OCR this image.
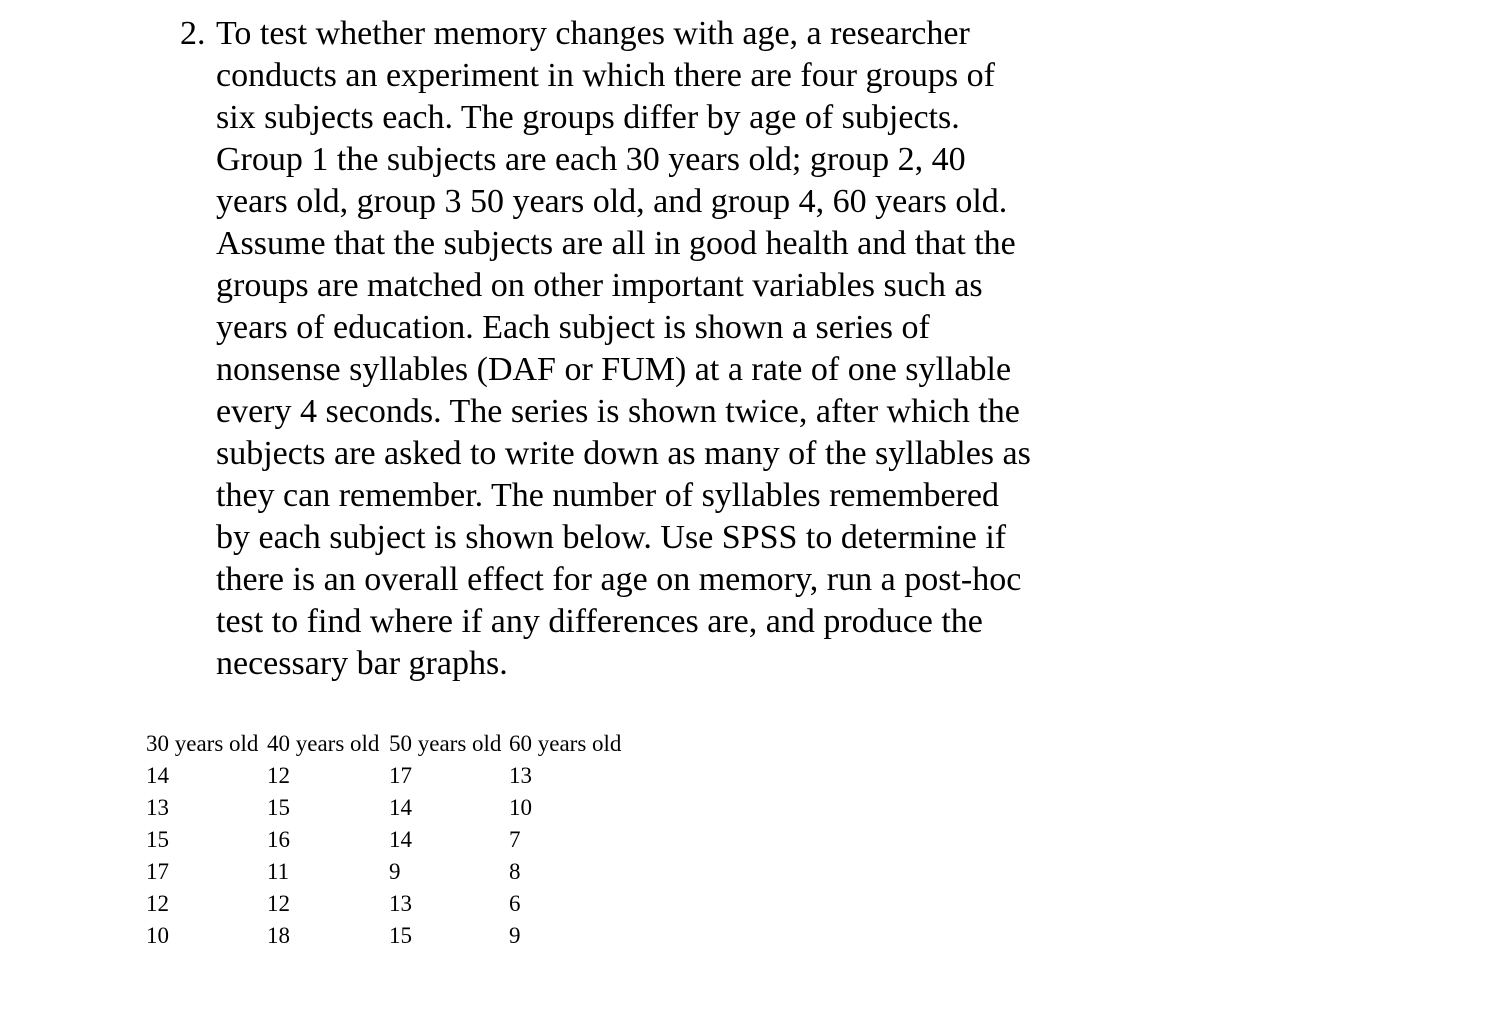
2. To test whether memory changes with age, a researcher
conducts an experiment in which there are four groups of
six subjects each. The groups differ by age of subjects.
Group 1 the subjects are each 30 years old; group 2, 40
years old, group 3 50 years old, and group 4, 60 years old.
Assume that the subjects are all in good health and that the
groups are matched on other important variables such as
years of education. Each subject is shown a series of
nonsense syllables (DAF or FUM) at a rate of one syllable
every 4 seconds. The series is shown twice, after which the
subjects are asked to write down as many of the syllables as
they can remember. The number of syllables remembered
by each subject is shown below. Use SPSS to determine if
there is an overall effect for age on memory, run a post-hoc
test to find where if any differences are, and produce the
necessary bar graphs.
30 years old	40 years old	50 years old	60 years old
14	12	17	13
13	15	14	10
15	16	14	7
17	11	9	8
12	12	13	6
10	18	15	9
